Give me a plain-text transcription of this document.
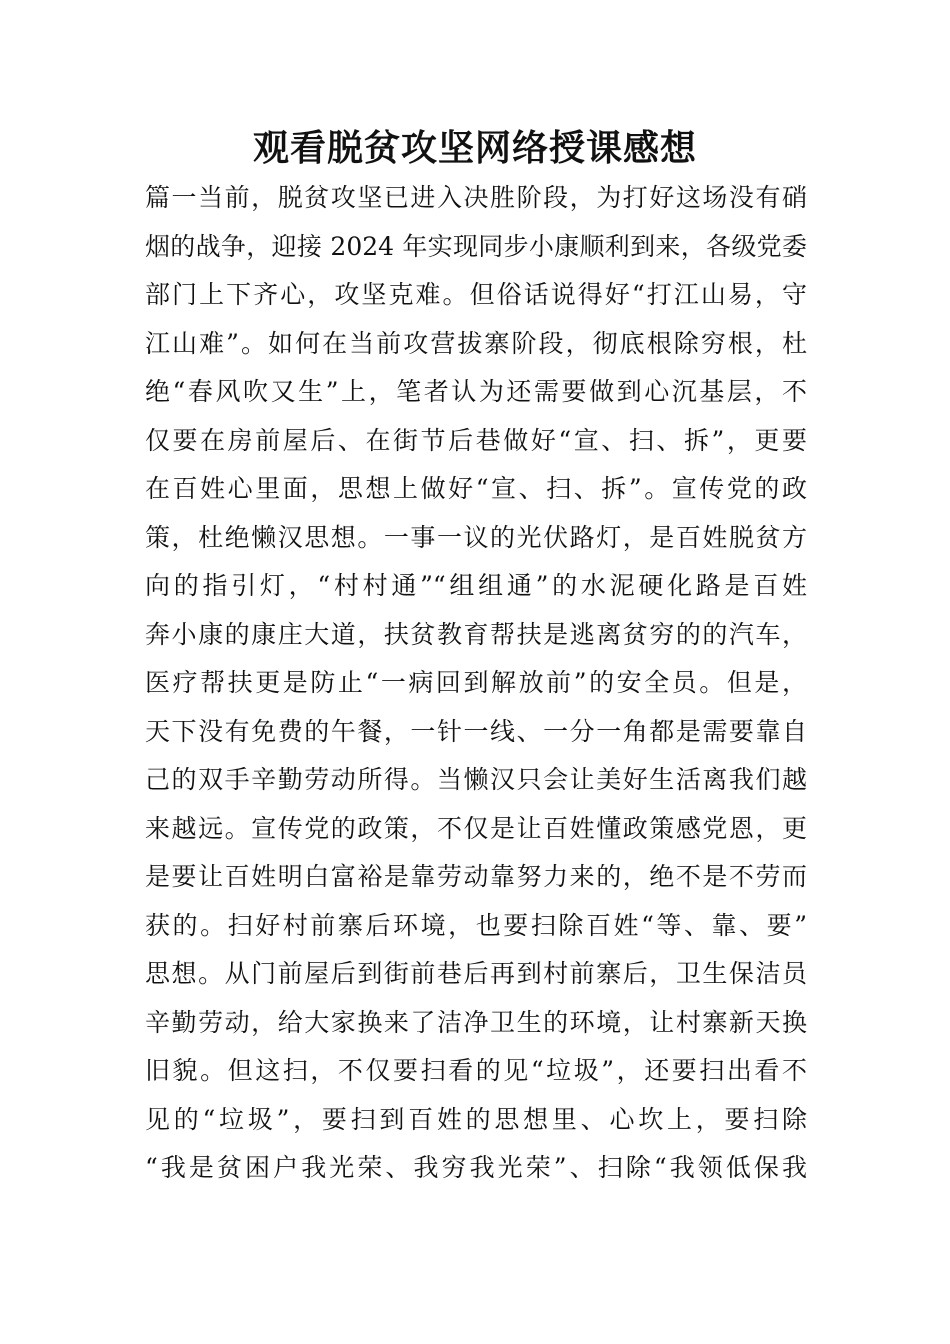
观看脱贫攻坚网络授课感想
篇一当前，脱贫攻坚已进入决胜阶段，为打好这场没有硝
烟的战争，迎接 2024 年实现同步小康顺利到来，各级党委
部门上下齐心，攻坚克难。但俗话说得好“打江山易，守
江山难”。如何在当前攻营拔寨阶段，彻底根除穷根，杜
绝“春风吹又生”上，笔者认为还需要做到心沉基层，不
仅要在房前屋后、在街节后巷做好“宣、扫、拆”，更要
在百姓心里面，思想上做好“宣、扫、拆”。宣传党的政
策，杜绝懒汉思想。一事一议的光伏路灯，是百姓脱贫方
向的指引灯，“村村通”“组组通”的水泥硬化路是百姓
奔小康的康庄大道，扶贫教育帮扶是逃离贫穷的的汽车，
医疗帮扶更是防止“一病回到解放前”的安全员。但是，
天下没有免费的午餐，一针一线、一分一角都是需要靠自
己的双手辛勤劳动所得。当懒汉只会让美好生活离我们越
来越远。宣传党的政策，不仅是让百姓懂政策感党恩，更
是要让百姓明白富裕是靠劳动靠努力来的，绝不是不劳而
获的。扫好村前寨后环境，也要扫除百姓“等、靠、要”
思想。从门前屋后到街前巷后再到村前寨后，卫生保洁员
辛勤劳动，给大家换来了洁净卫生的环境，让村寨新天换
旧貌。但这扫，不仅要扫看的见“垃圾”，还要扫出看不
见的“垃圾”，要扫到百姓的思想里、心坎上，要扫除
“我是贫困户我光荣、我穷我光荣”、扫除“我领低保我
